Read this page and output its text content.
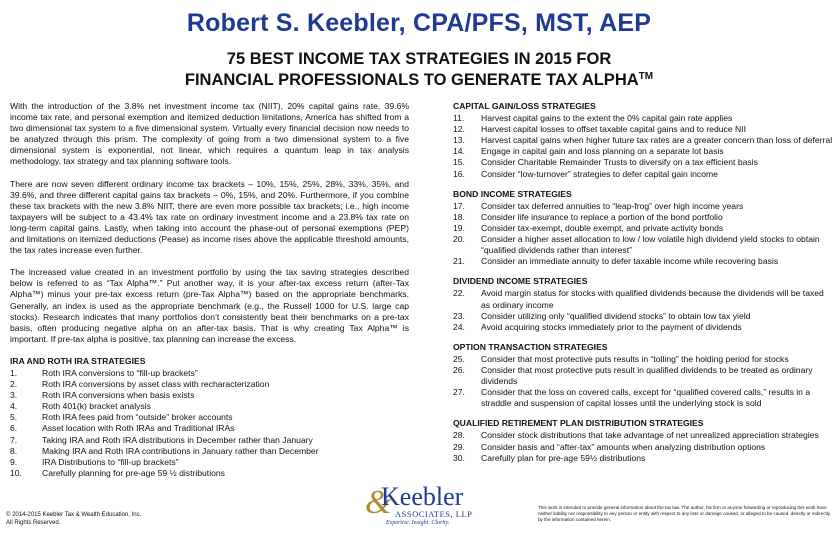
Robert S. Keebler, CPA/PFS, MST, AEP
75 BEST INCOME TAX STRATEGIES IN 2015 FOR
FINANCIAL PROFESSIONALS TO GENERATE TAX ALPHA™

With the introduction of the 3.8% net investment income tax (NIIT), 20% capital gains rate, 39.6% income tax rate, and personal exemption and itemized deduction limitations, America has shifted from a two dimensional tax system to a five dimensional system. Virtually every financial decision now needs to be analyzed through this prism. The complexity of going from a two dimensional system to a five dimensional system is exponential, not linear, which requires a quantum leap in tax analysis methodology, tax strategy and tax planning software tools.

There are now seven different ordinary income tax brackets – 10%, 15%, 25%, 28%, 33%, 35%, and 39.6%, and three different capital gains tax brackets – 0%, 15%, and 20%. Furthermore, if you combine these tax brackets with the new 3.8% NIIT, there are even more possible tax brackets; i.e., high income taxpayers will be subject to a 43.4% tax rate on ordinary investment income and a 23.8% tax rate on long-term capital gains. Lastly, when taking into account the phase-out of personal exemptions (PEP) and limitations on itemized deductions (Pease) as income rises above the applicable threshold amounts, the tax rates increase even further.

The increased value created in an investment portfolio by using the tax saving strategies described below is referred to as “Tax Alpha™.” Put another way, it is your after-tax excess return (after-Tax Alpha™) minus your pre-tax excess return (pre-Tax Alpha™) based on the appropriate benchmarks. Generally, an index is used as the appropriate benchmark (e.g., the Russell 1000 for U.S. large cap stocks). Research indicates that many portfolios don’t consistently beat their benchmarks on a pre-tax basis, often producing negative alpha on an after-tax basis. That is why creating Tax Alpha™ is important. If pre-tax alpha is positive, tax planning can increase the excess.

IRA AND ROTH IRA STRATEGIES
1.	Roth IRA conversions to “fill-up brackets”
2.	Roth IRA conversions by asset class with recharacterization
3.	Roth IRA conversions when basis exists
4.	Roth 401(k) bracket analysis
5.	Roth IRA fees paid from “outside” broker accounts
6.	Asset location with Roth IRAs and Traditional IRAs
7.	Taking IRA and Roth IRA distributions in December rather than January
8.	Making IRA and Roth IRA contributions in January rather than December
9.	IRA Distributions to “fill-up brackets”
10.	Carefully planning for pre-age 59 ½ distributions
CAPITAL GAIN/LOSS STRATEGIES
11.	Harvest capital gains to the extent the 0% capital gain rate applies
12.	Harvest capital losses to offset taxable capital gains and to reduce NII
13.	Harvest capital gains when higher future tax rates are a greater concern than loss of deferral
14.	Engage in capital gain and loss planning on a separate lot basis
15.	Consider Charitable Remainder Trusts to diversify on a tax efficient basis
16.	Consider “low-turnover” strategies to defer capital gain income
BOND INCOME STRATEGIES
17.	Consider tax deferred annuities to “leap-frog” over high income years
18.	Consider life insurance to replace a portion of the bond portfolio
19.	Consider tax-exempt, double exempt, and private activity bonds
20.	Consider a higher asset allocation to low / low volatile high dividend yield stocks to obtain “qualified dividends rather than interest”
21.	Consider an immediate annuity to defer taxable income while recovering basis
DIVIDEND INCOME STRATEGIES
22.	Avoid margin status for stocks with qualified dividends because the dividends will be taxed as ordinary income
23.	Consider utilizing only “qualified dividend stocks” to obtain low tax yield
24.	Avoid acquiring stocks immediately prior to the payment of dividends
OPTION TRANSACTION STRATEGIES
25.	Consider that most protective puts results in “tolling” the holding period for stocks
26.	Consider that most protective puts result in qualified dividends to be treated as ordinary dividends
27.	Consider that the loss on covered calls, except for “qualified covered calls,” results in a straddle and suspension of capital losses until the underlying stock is sold
QUALIFIED RETIREMENT PLAN DISTRIBUTION STRATEGIES
28.	Consider stock distributions that take advantage of net unrealized appreciation strategies
29.	Consider basis and “after-tax” amounts when analyzing distribution options
30.	Carefully plan for pre-age 59½ distributions
© 2014-2015 Keebler Tax & Wealth Education, Inc.
All Rights Reserved.
&
Keebler
ASSOCIATES, LLP
Expertise. Insight. Clarity.
This work is intended to provide general information about the tax law. The author, his firm or anyone forwarding or reproducing this work have neither liability nor responsibility to any person or entity with respect to any loss or damage caused, or alleged to be caused, directly or indirectly by the information contained herein.
